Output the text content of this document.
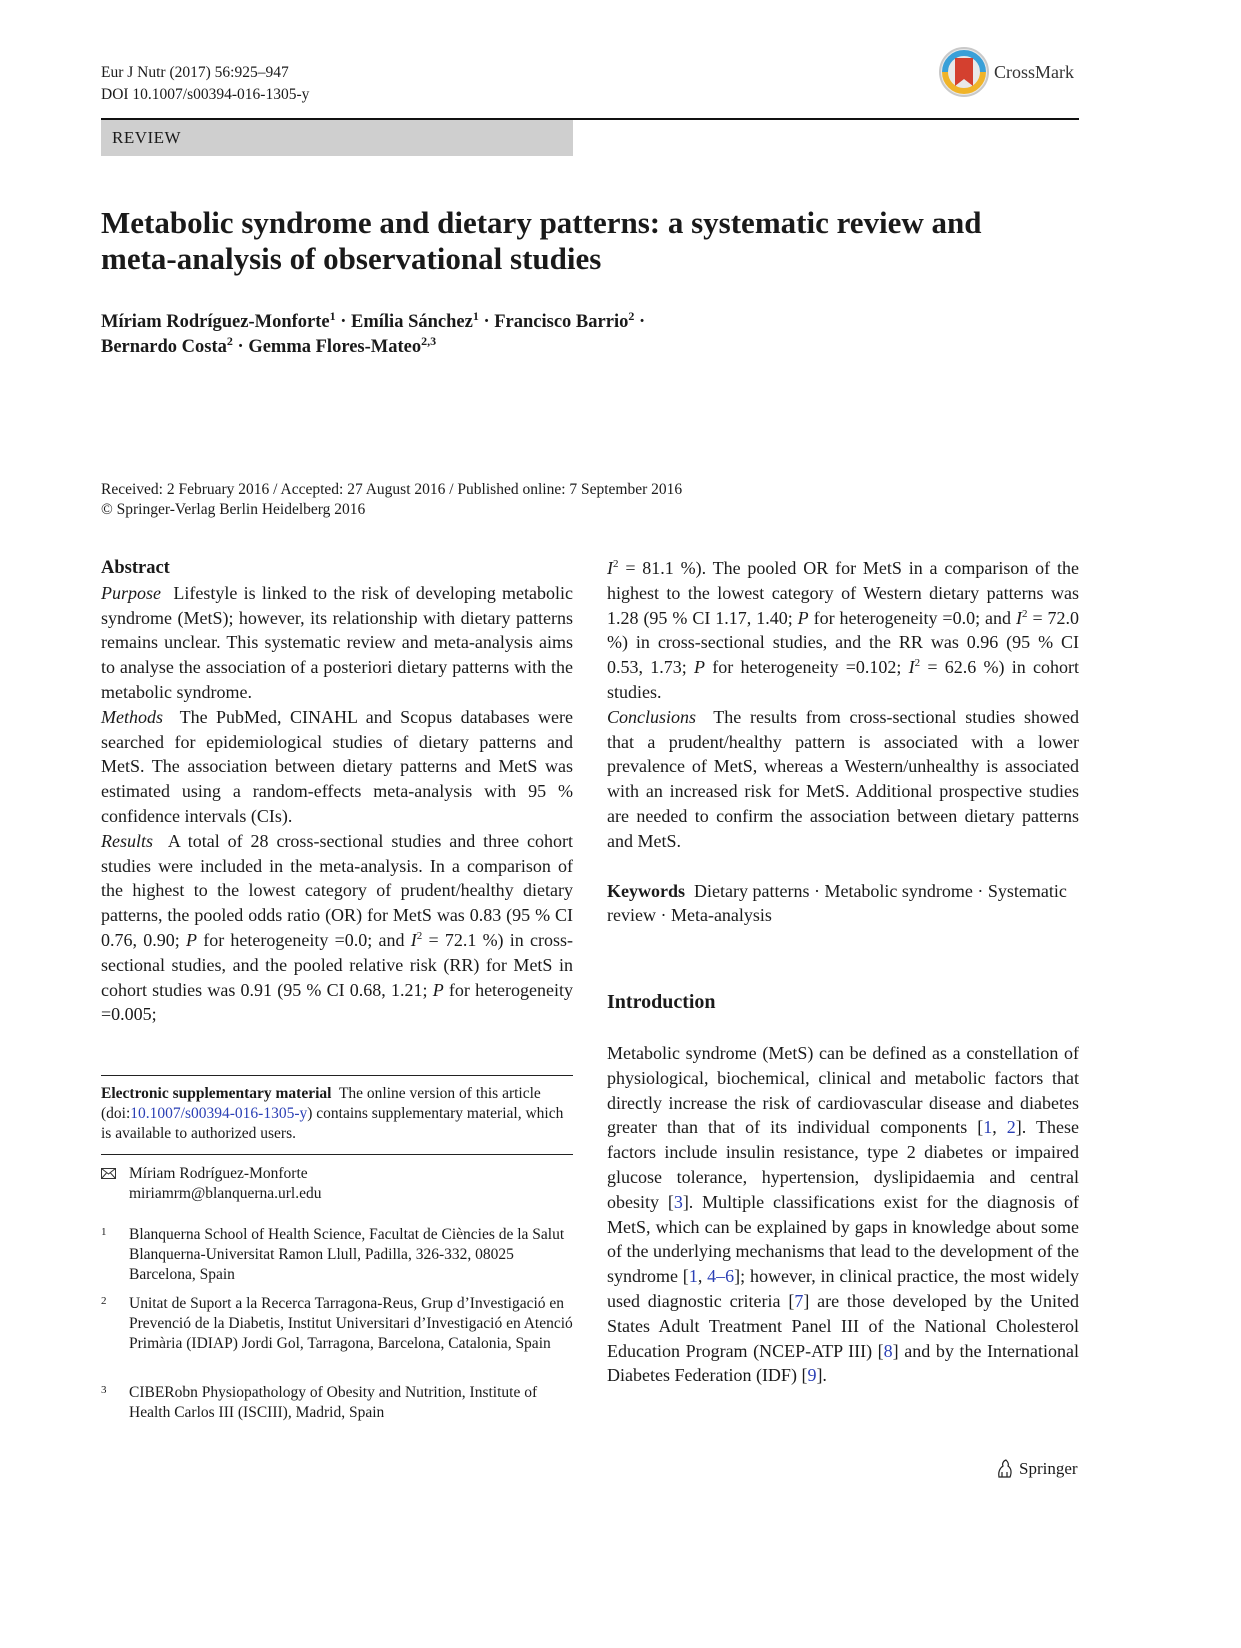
Eur J Nutr (2017) 56:925–947
DOI 10.1007/s00394-016-1305-y
CrossMark
REVIEW
Metabolic syndrome and dietary patterns: a systematic review and meta-analysis of observational studies
Míriam Rodríguez-Monforte$^1$ · Emília Sánchez$^1$ · Francisco Barrio$^2$ ·
Bernardo Costa$^2$ · Gemma Flores-Mateo$^{2,3}$
Received: 2 February 2016 / Accepted: 27 August 2016 / Published online: 7 September 2016
© Springer-Verlag Berlin Heidelberg 2016
Abstract

Purpose Lifestyle is linked to the risk of developing metabolic syndrome (MetS); however, its relationship with dietary patterns remains unclear. This systematic review and meta-analysis aims to analyse the association of a posteriori dietary patterns with the metabolic syndrome.

Methods The PubMed, CINAHL and Scopus databases were searched for epidemiological studies of dietary patterns and MetS. The association between dietary patterns and MetS was estimated using a random-effects meta-analysis with 95 % confidence intervals (CIs).

Results A total of 28 cross-sectional studies and three cohort studies were included in the meta-analysis. In a comparison of the highest to the lowest category of prudent/healthy dietary patterns, the pooled odds ratio (OR) for MetS was 0.83 (95 % CI 0.76, 0.90; P for heterogeneity =0.0; and $I^2 = 72.1$ %) in cross-sectional studies, and the pooled relative risk (RR) for MetS in cohort studies was 0.91 (95 % CI 0.68, 1.21; P for heterogeneity =0.005;

$I^2 = 81.1$ %). The pooled OR for MetS in a comparison of the highest to the lowest category of Western dietary patterns was 1.28 (95 % CI 1.17, 1.40; P for heterogeneity =0.0; and $I^2 = 72.0$ %) in cross-sectional studies, and the RR was 0.96 (95 % CI 0.53, 1.73; P for heterogeneity =0.102; $I^2 = 62.6$ %) in cohort studies.

Conclusions The results from cross-sectional studies showed that a prudent/healthy pattern is associated with a lower prevalence of MetS, whereas a Western/unhealthy is associated with an increased risk for MetS. Additional prospective studies are needed to confirm the association between dietary patterns and MetS.

Keywords Dietary patterns · Metabolic syndrome · Systematic review · Meta-analysis

Introduction

Metabolic syndrome (MetS) can be defined as a constellation of physiological, biochemical, clinical and metabolic factors that directly increase the risk of cardiovascular disease and diabetes greater than that of its individual components [1, 2]. These factors include insulin resistance, type 2 diabetes or impaired glucose tolerance, hypertension, dyslipidaemia and central obesity [3]. Multiple classifications exist for the diagnosis of MetS, which can be explained by gaps in knowledge about some of the underlying mechanisms that lead to the development of the syndrome [1, 4–6]; however, in clinical practice, the most widely used diagnostic criteria [7] are those developed by the United States Adult Treatment Panel III of the National Cholesterol Education Program (NCEP-ATP III) [8] and by the International Diabetes Federation (IDF) [9].

Electronic supplementary material The online version of this article (doi:10.1007/s00394-016-1305-y) contains supplementary material, which is available to authorized users.
Míriam Rodríguez-Monforte
miriamrm@blanquerna.url.edu
1 Blanquerna School of Health Science, Facultat de Ciències de la Salut Blanquerna-Universitat Ramon Llull, Padilla, 326-332, 08025 Barcelona, Spain
2 Unitat de Suport a la Recerca Tarragona-Reus, Grup d’Investigació en Prevenció de la Diabetis, Institut Universitari d’Investigació en Atenció Primària (IDIAP) Jordi Gol, Tarragona, Barcelona, Catalonia, Spain
3 CIBERobn Physiopathology of Obesity and Nutrition, Institute of Health Carlos III (ISCIII), Madrid, Spain
Springer
